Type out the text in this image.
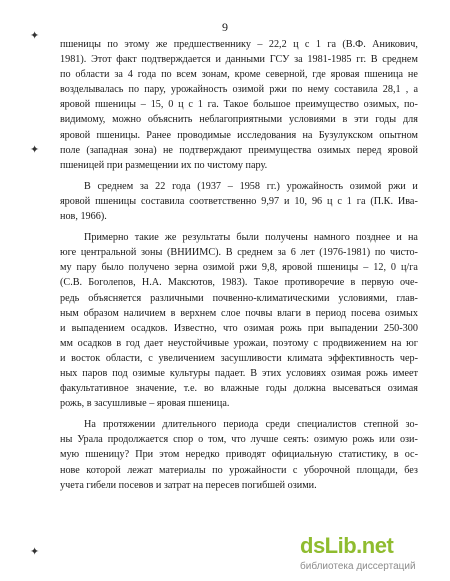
9
✦
✦
✦
пшеницы по этому же предшественнику – 22,2 ц с 1 га (В.Ф. Аникович,
1981). Этот факт подтверждается и данными ГСУ за 1981-1985 гг. В среднем
по области за 4 года по всем зонам, кроме северной, где яровая пшеница не
возделывалась по пару, урожайность озимой ржи по нему составила 28,1 , а
яровой пшеницы – 15, 0 ц с 1 га. Такое большое преимущество озимых, по-
видимому, можно объяснить неблагоприятными условиями в эти годы для
яровой пшеницы. Ранее проводимые исследования на Бузулукском опытном
поле (западная зона) не подтверждают преимущества озимых перед яровой
пшеницей при размещении их по чистому пару.
В среднем за 22 года (1937 – 1958 гг.) урожайность озимой ржи и
яровой пшеницы составила соответственно 9,97 и 10, 96 ц с 1 га (П.К. Ива-
нов, 1966).
Примерно такие же результаты были получены намного позднее и на
юге центральной зоны (ВНИИМС). В среднем за 6 лет (1976-1981) по чисто-
му пару было получено зерна озимой ржи 9,8, яровой пшеницы – 12, 0 ц/га
(С.В. Боголепов, Н.А. Максютов, 1983). Такое противоречие в первую оче-
редь объясняется различными почвенно-климатическими условиями, глав-
ным образом наличием в верхнем слое почвы влаги в период посева озимых
и выпадением осадков. Известно, что озимая рожь при выпадении 250-300
мм осадков в год дает неустойчивые урожаи, поэтому с продвижением на юг
и восток области, с увеличением засушливости климата эффективность чер-
ных паров под озимые культуры падает. В этих условиях озимая рожь имеет
факультативное значение, т.е. во влажные годы должна высеваться озимая
рожь, в засушливые – яровая пшеница.
На протяжении длительного периода среди специалистов степной зо-
ны Урала продолжается спор о том, что лучше сеять: озимую рожь или ози-
мую пшеницу? При этом нередко приводят официальную статистику, в ос-
нове которой лежат материалы по урожайности с уборочной площади, без
учета гибели посевов и затрат на пересев погибшей озими.
dsLib.net
библиотека диссертаций
